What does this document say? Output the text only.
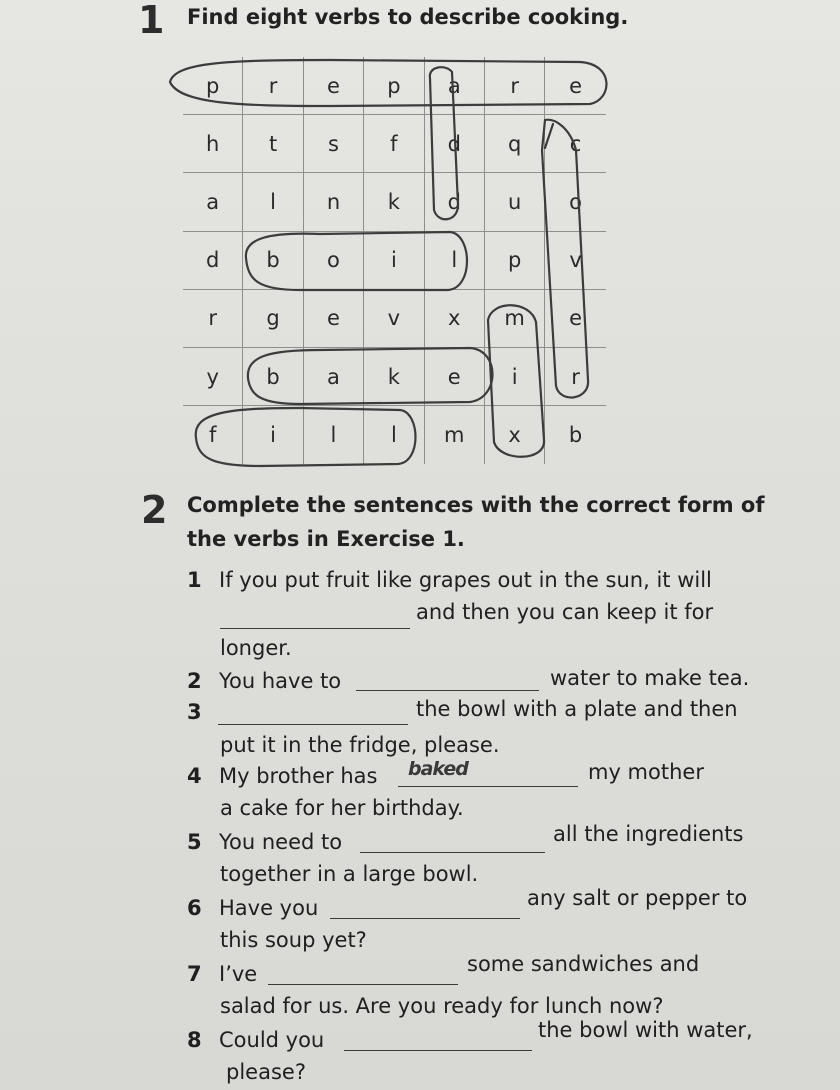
1 Find eight verbs to describe cooking.
p	r	e	p	a	r	e
h	t	s	f	d	q	c
a	l	n	k	d	u	o
d	b	o	i	l	p	v
r	g	e	v	x	m	e
y	b	a	k	e	i	r
f	i	l	l	m	x	b
2 Complete the sentences with the correct form of
the verbs in Exercise 1.
1 If you put fruit like grapes out in the sun, it will
and then you can keep it for
longer.
2 You have to	water to make tea.
3	the bowl with a plate and then
put it in the fridge, please.
4 My brother has baked	my mother
a cake for her birthday.
5 You need to	all the ingredients
together in a large bowl.
6 Have you	any salt or pepper to
this soup yet?
7 I’ve	some sandwiches and
salad for us. Are you ready for lunch now?
8 Could you	the bowl with water,
please?
